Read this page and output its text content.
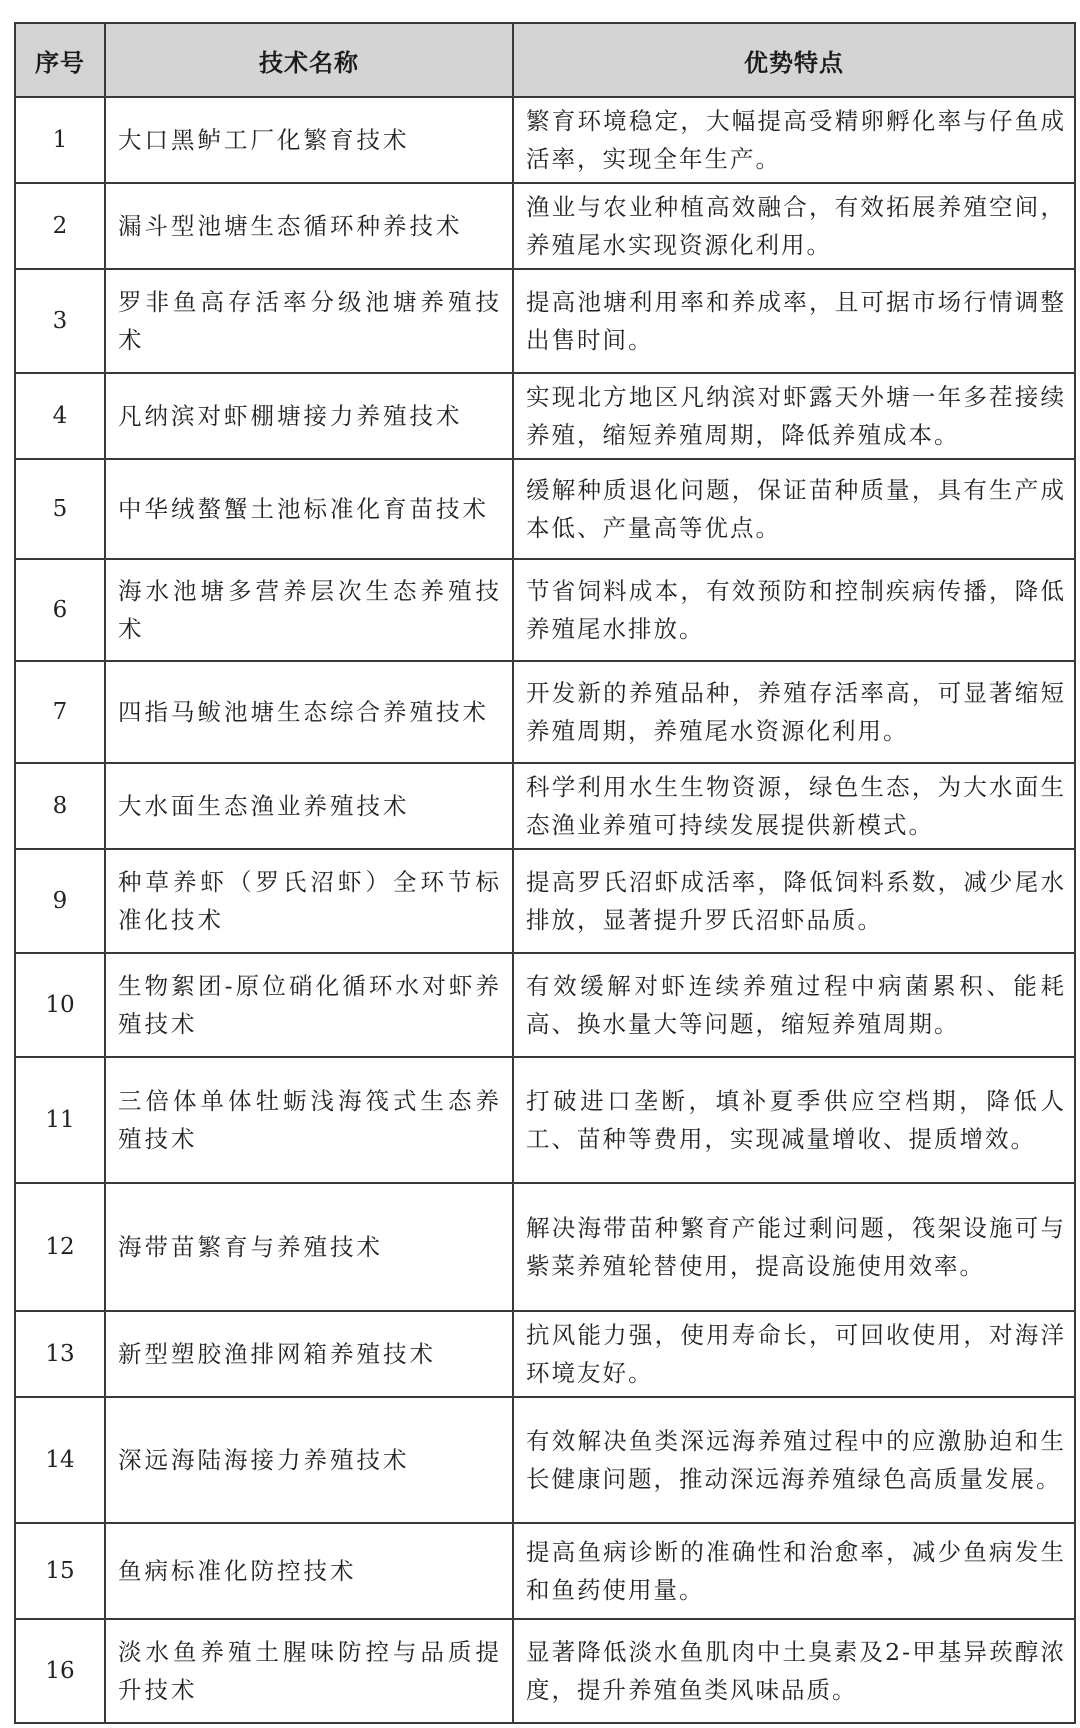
序号	技术名称	优势特点
1	大口黑鲈工厂化繁育技术	繁育环境稳定，大幅提高受精卵孵化率与仔鱼成活率，实现全年生产。
2	漏斗型池塘生态循环种养技术	渔业与农业种植高效融合，有效拓展养殖空间，养殖尾水实现资源化利用。
3	罗非鱼高存活率分级池塘养殖技术	提高池塘利用率和养成率，且可据市场行情调整出售时间。
4	凡纳滨对虾棚塘接力养殖技术	实现北方地区凡纳滨对虾露天外塘一年多茬接续养殖，缩短养殖周期，降低养殖成本。
5	中华绒螯蟹土池标准化育苗技术	缓解种质退化问题，保证苗种质量，具有生产成本低、产量高等优点。
6	海水池塘多营养层次生态养殖技术	节省饲料成本，有效预防和控制疾病传播，降低养殖尾水排放。
7	四指马鲅池塘生态综合养殖技术	开发新的养殖品种，养殖存活率高，可显著缩短养殖周期，养殖尾水资源化利用。
8	大水面生态渔业养殖技术	科学利用水生生物资源，绿色生态，为大水面生态渔业养殖可持续发展提供新模式。
9	种草养虾（罗氏沼虾）全环节标准化技术	提高罗氏沼虾成活率，降低饲料系数，减少尾水排放，显著提升罗氏沼虾品质。
10	生物絮团-原位硝化循环水对虾养殖技术	有效缓解对虾连续养殖过程中病菌累积、能耗高、换水量大等问题，缩短养殖周期。
11	三倍体单体牡蛎浅海筏式生态养殖技术	打破进口垄断，填补夏季供应空档期，降低人工、苗种等费用，实现减量增收、提质增效。
12	海带苗繁育与养殖技术	解决海带苗种繁育产能过剩问题，筏架设施可与紫菜养殖轮替使用，提高设施使用效率。
13	新型塑胶渔排网箱养殖技术	抗风能力强，使用寿命长，可回收使用，对海洋环境友好。
14	深远海陆海接力养殖技术	有效解决鱼类深远海养殖过程中的应激胁迫和生长健康问题，推动深远海养殖绿色高质量发展。
15	鱼病标准化防控技术	提高鱼病诊断的准确性和治愈率，减少鱼病发生和鱼药使用量。
16	淡水鱼养殖土腥味防控与品质提升技术	显著降低淡水鱼肌肉中土臭素及2-甲基异莰醇浓度，提升养殖鱼类风味品质。
